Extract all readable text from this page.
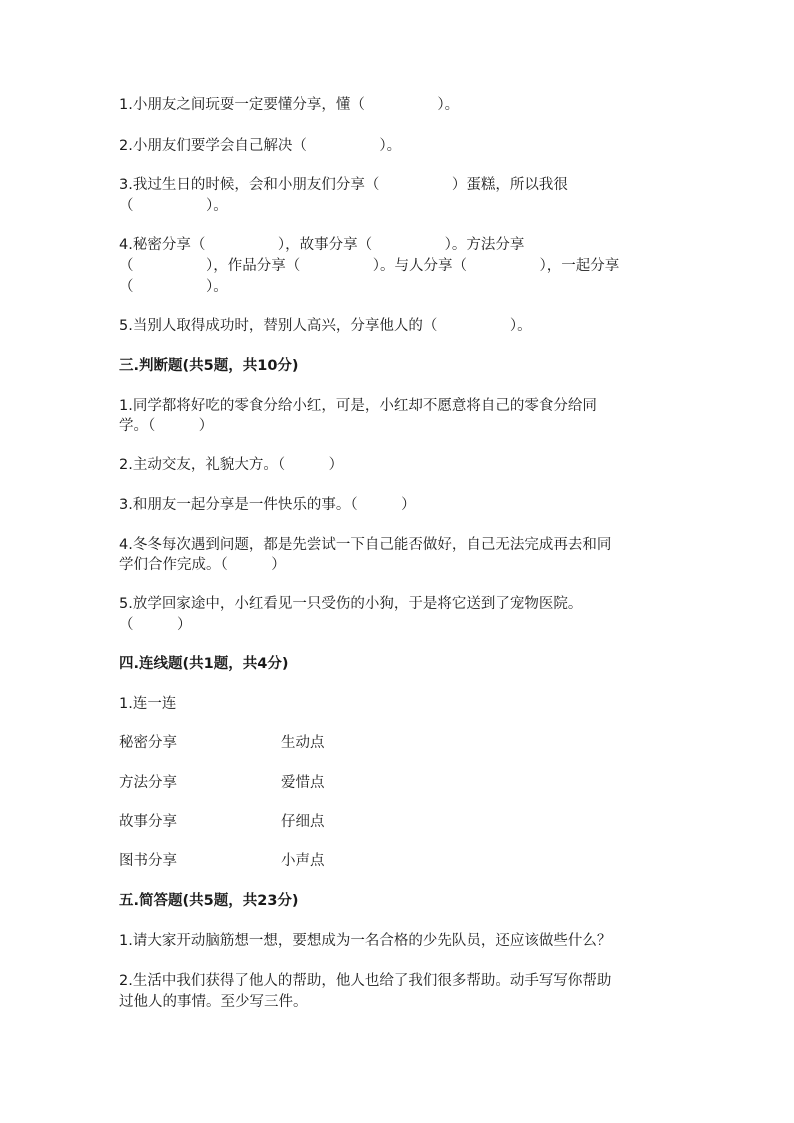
1.小朋友之间玩耍一定要懂分享，懂（　　　　　）。
2.小朋友们要学会自己解决（　　　　　）。
3.我过生日的时候，会和小朋友们分享（　　　　　）蛋糕，所以我很
（　　　　　）。
4.秘密分享（　　　　　），故事分享（　　　　　）。方法分享
（　　　　　），作品分享（　　　　　）。与人分享（　　　　　），一起分享
（　　　　　）。
5.当别人取得成功时，替别人高兴，分享他人的（　　　　　）。
三.判断题(共5题，共10分)
1.同学都将好吃的零食分给小红，可是，小红却不愿意将自己的零食分给同
学。（　　　）
2.主动交友，礼貌大方。（　　　）
3.和朋友一起分享是一件快乐的事。（　　　）
4.冬冬每次遇到问题，都是先尝试一下自己能否做好，自己无法完成再去和同
学们合作完成。（　　　）
5.放学回家途中，小红看见一只受伤的小狗，于是将它送到了宠物医院。
（　　　）
四.连线题(共1题，共4分)
1.连一连
秘密分享	生动点
方法分享	爱惜点
故事分享	仔细点
图书分享	小声点
五.简答题(共5题，共23分)
1.请大家开动脑筋想一想，要想成为一名合格的少先队员，还应该做些什么？
2.生活中我们获得了他人的帮助，他人也给了我们很多帮助。动手写写你帮助
过他人的事情。至少写三件。
